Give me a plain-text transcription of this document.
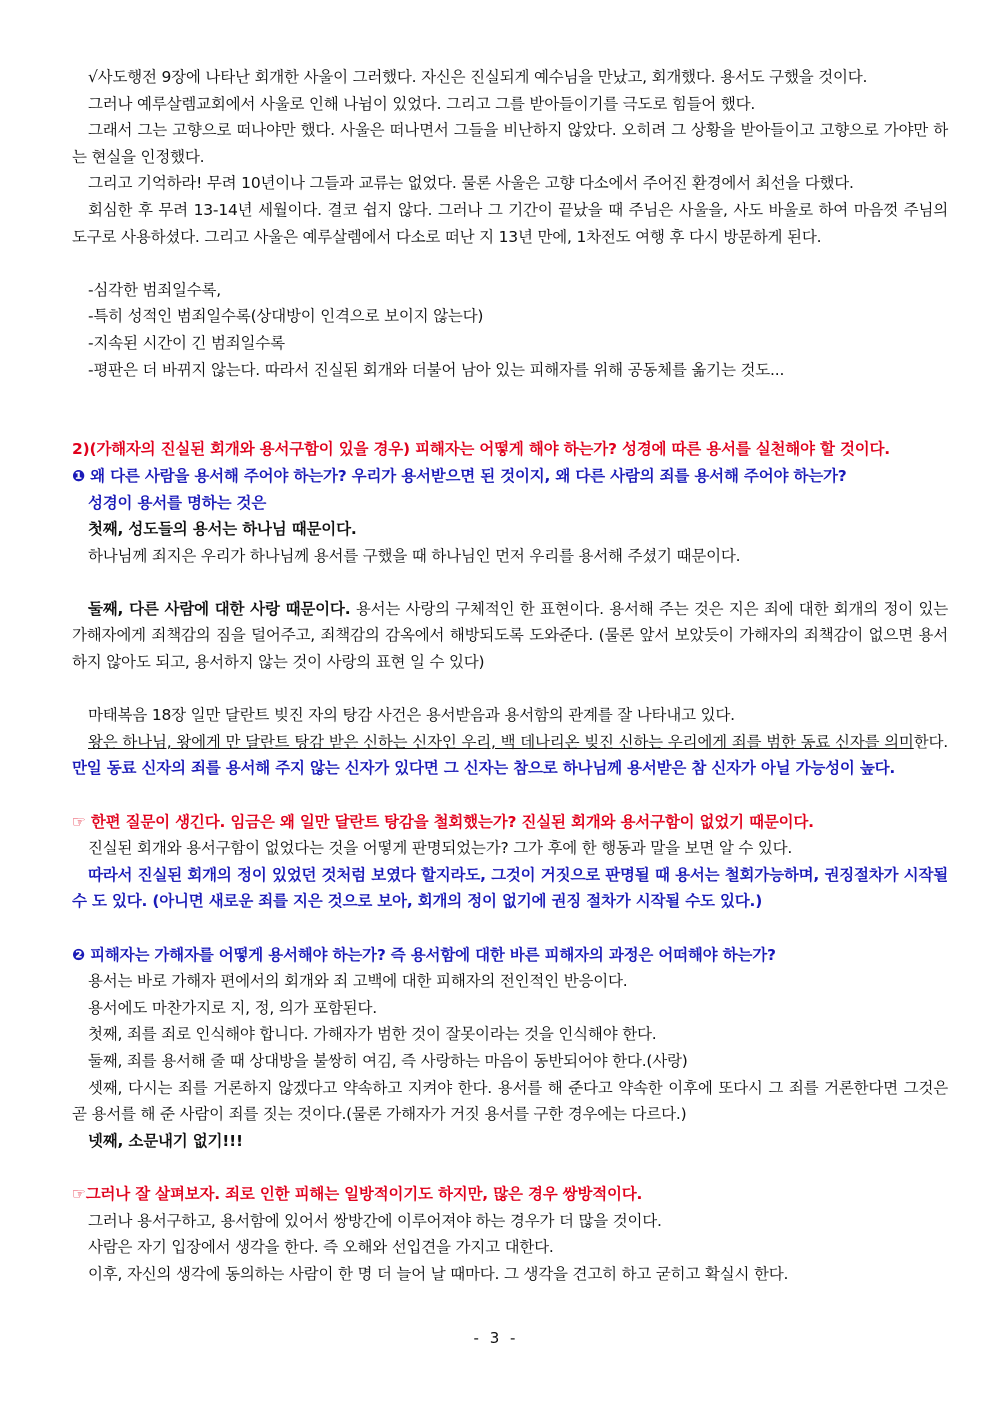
√사도행전 9장에 나타난 회개한 사울이 그러했다. 자신은 진실되게 예수님을 만났고, 회개했다. 용서도 구했을 것이다.

그러나 예루살렘교회에서 사울로 인해 나뉨이 있었다. 그리고 그를 받아들이기를 극도로 힘들어 했다.

그래서 그는 고향으로 떠나야만 했다. 사울은 떠나면서 그들을 비난하지 않았다. 오히려 그 상황을 받아들이고 고향으로 가야만 하는 현실을 인정했다.

그리고 기억하라! 무려 10년이나 그들과 교류는 없었다. 물론 사울은 고향 다소에서 주어진 환경에서 최선을 다했다.

회심한 후 무려 13-14년 세월이다. 결코 쉽지 않다. 그러나 그 기간이 끝났을 때 주님은 사울을, 사도 바울로 하여 마음껏 주님의 도구로 사용하셨다. 그리고 사울은 예루살렘에서 다소로 떠난 지 13년 만에, 1차전도 여행 후 다시 방문하게 된다.

-심각한 범죄일수록,

-특히 성적인 범죄일수록(상대방이 인격으로 보이지 않는다)

-지속된 시간이 긴 범죄일수록

-평판은 더 바뀌지 않는다. 따라서 진실된 회개와 더불어 남아 있는 피해자를 위해 공동체를 옮기는 것도...

2)(가해자의 진실된 회개와 용서구함이 있을 경우) 피해자는 어떻게 해야 하는가? 성경에 따른 용서를 실천해야 할 것이다.

❶ 왜 다른 사람을 용서해 주어야 하는가? 우리가 용서받으면 된 것이지, 왜 다른 사람의 죄를 용서해 주어야 하는가?

성경이 용서를 명하는 것은

첫째, 성도들의 용서는 하나님 때문이다.

하나님께 죄지은 우리가 하나님께 용서를 구했을 때 하나님인 먼저 우리를 용서해 주셨기 때문이다.

둘째, 다른 사람에 대한 사랑 때문이다. 용서는 사랑의 구체적인 한 표현이다. 용서해 주는 것은 지은 죄에 대한 회개의 정이 있는 가해자에게 죄책감의 짐을 덜어주고, 죄책감의 감옥에서 해방되도록 도와준다. (물론 앞서 보았듯이 가해자의 죄책감이 없으면 용서하지 않아도 되고, 용서하지 않는 것이 사랑의 표현 일 수 있다)

마태복음 18장 일만 달란트 빚진 자의 탕감 사건은 용서받음과 용서함의 관계를 잘 나타내고 있다.

왕은 하나님, 왕에게 만 달란트 탕감 받은 신하는 신자인 우리, 백 데나리온 빚진 신하는 우리에게 죄를 범한 동료 신자를 의미한다. 만일 동료 신자의 죄를 용서해 주지 않는 신자가 있다면 그 신자는 참으로 하나님께 용서받은 참 신자가 아닐 가능성이 높다.

☞ 한편 질문이 생긴다. 임금은 왜 일만 달란트 탕감을 철회했는가? 진실된 회개와 용서구함이 없었기 때문이다.

진실된 회개와 용서구함이 없었다는 것을 어떻게 판명되었는가? 그가 후에 한 행동과 말을 보면 알 수 있다.

따라서 진실된 회개의 정이 있었던 것처럼 보였다 할지라도, 그것이 거짓으로 판명될 때 용서는 철회가능하며, 권징절차가 시작될 수 도 있다. (아니면 새로운 죄를 지은 것으로 보아, 회개의 정이 없기에 권징 절차가 시작될 수도 있다.)

❷ 피해자는 가해자를 어떻게 용서해야 하는가? 즉 용서함에 대한 바른 피해자의 과정은 어떠해야 하는가?

용서는 바로 가해자 편에서의 회개와 죄 고백에 대한 피해자의 전인적인 반응이다.

용서에도 마찬가지로 지, 정, 의가 포함된다.

첫째, 죄를 죄로 인식해야 합니다. 가해자가 범한 것이 잘못이라는 것을 인식해야 한다.

둘째, 죄를 용서해 줄 때 상대방을 불쌍히 여김, 즉 사랑하는 마음이 동반되어야 한다.(사랑)

셋째, 다시는 죄를 거론하지 않겠다고 약속하고 지켜야 한다. 용서를 해 준다고 약속한 이후에 또다시 그 죄를 거론한다면 그것은 곧 용서를 해 준 사람이 죄를 짓는 것이다.(물론 가해자가 거짓 용서를 구한 경우에는 다르다.)

넷째, 소문내기 없기!!!

☞그러나 잘 살펴보자. 죄로 인한 피해는 일방적이기도 하지만, 많은 경우 쌍방적이다.

그러나 용서구하고, 용서함에 있어서 쌍방간에 이루어져야 하는 경우가 더 많을 것이다.

사람은 자기 입장에서 생각을 한다. 즉 오해와 선입견을 가지고 대한다.

이후, 자신의 생각에 동의하는 사람이 한 명 더 늘어 날 때마다. 그 생각을 견고히 하고 굳히고 확실시 한다.

- 3 -
